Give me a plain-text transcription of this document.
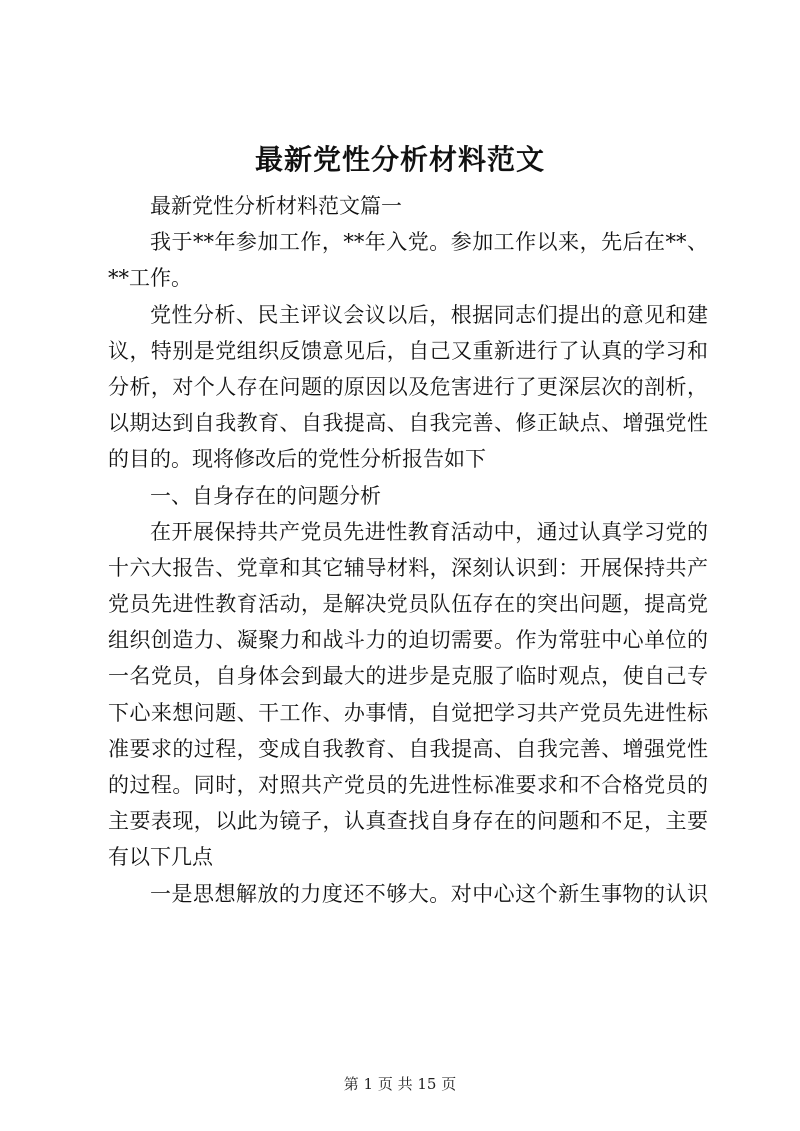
最新党性分析材料范文
最新党性分析材料范文篇一
我于**年参加工作，**年入党。参加工作以来，先后在**、
**工作。
党性分析、民主评议会议以后，根据同志们提出的意见和建
议，特别是党组织反馈意见后，自己又重新进行了认真的学习和
分析，对个人存在问题的原因以及危害进行了更深层次的剖析，
以期达到自我教育、自我提高、自我完善、修正缺点、增强党性
的目的。现将修改后的党性分析报告如下
一、自身存在的问题分析
在开展保持共产党员先进性教育活动中，通过认真学习党的
十六大报告、党章和其它辅导材料，深刻认识到：开展保持共产
党员先进性教育活动，是解决党员队伍存在的突出问题，提高党
组织创造力、凝聚力和战斗力的迫切需要。作为常驻中心单位的
一名党员，自身体会到最大的进步是克服了临时观点，使自己专
下心来想问题、干工作、办事情，自觉把学习共产党员先进性标
准要求的过程，变成自我教育、自我提高、自我完善、增强党性
的过程。同时，对照共产党员的先进性标准要求和不合格党员的
主要表现，以此为镜子，认真查找自身存在的问题和不足，主要
有以下几点
一是思想解放的力度还不够大。对中心这个新生事物的认识
第 1 页 共 15 页
